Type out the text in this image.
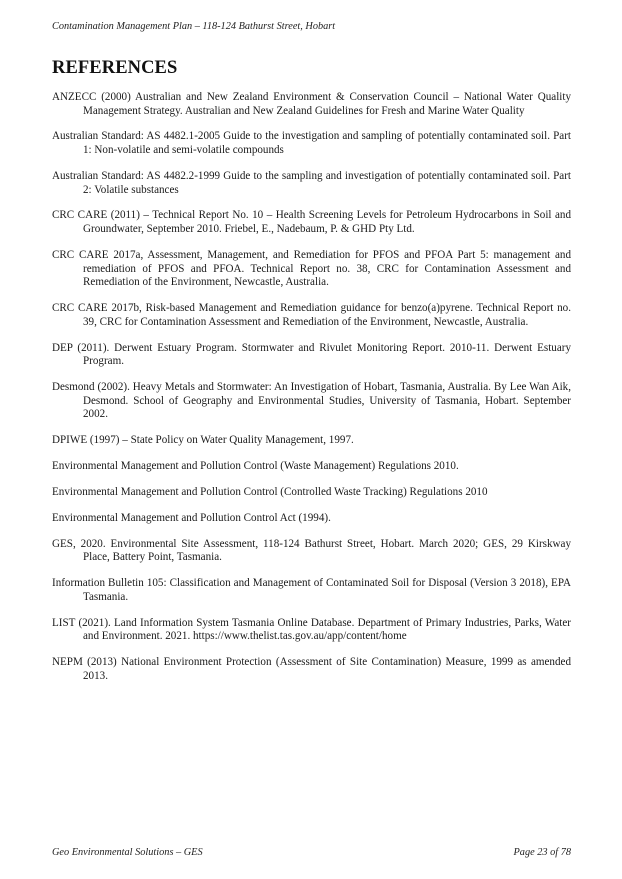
Contamination Management Plan – 118-124 Bathurst Street, Hobart
REFERENCES
ANZECC (2000) Australian and New Zealand Environment & Conservation Council – National Water Quality Management Strategy. Australian and New Zealand Guidelines for Fresh and Marine Water Quality
Australian Standard: AS 4482.1-2005 Guide to the investigation and sampling of potentially contaminated soil. Part 1: Non-volatile and semi-volatile compounds
Australian Standard: AS 4482.2-1999 Guide to the sampling and investigation of potentially contaminated soil. Part 2: Volatile substances
CRC CARE (2011) – Technical Report No. 10 – Health Screening Levels for Petroleum Hydrocarbons in Soil and Groundwater, September 2010. Friebel, E., Nadebaum, P. & GHD Pty Ltd.
CRC CARE 2017a, Assessment, Management, and Remediation for PFOS and PFOA Part 5: management and remediation of PFOS and PFOA. Technical Report no. 38, CRC for Contamination Assessment and Remediation of the Environment, Newcastle, Australia.
CRC CARE 2017b, Risk-based Management and Remediation guidance for benzo(a)pyrene. Technical Report no. 39, CRC for Contamination Assessment and Remediation of the Environment, Newcastle, Australia.
DEP (2011). Derwent Estuary Program. Stormwater and Rivulet Monitoring Report. 2010-11. Derwent Estuary Program.
Desmond (2002). Heavy Metals and Stormwater: An Investigation of Hobart, Tasmania, Australia. By Lee Wan Aik, Desmond. School of Geography and Environmental Studies, University of Tasmania, Hobart. September 2002.
DPIWE (1997) – State Policy on Water Quality Management, 1997.
Environmental Management and Pollution Control (Waste Management) Regulations 2010.
Environmental Management and Pollution Control (Controlled Waste Tracking) Regulations 2010
Environmental Management and Pollution Control Act (1994).
GES, 2020. Environmental Site Assessment, 118-124 Bathurst Street, Hobart. March 2020; GES, 29 Kirskway Place, Battery Point, Tasmania.
Information Bulletin 105: Classification and Management of Contaminated Soil for Disposal (Version 3 2018), EPA Tasmania.
LIST (2021). Land Information System Tasmania Online Database. Department of Primary Industries, Parks, Water and Environment. 2021. https://www.thelist.tas.gov.au/app/content/home
NEPM (2013) National Environment Protection (Assessment of Site Contamination) Measure, 1999 as amended 2013.
Geo Environmental Solutions – GES	Page 23 of 78
